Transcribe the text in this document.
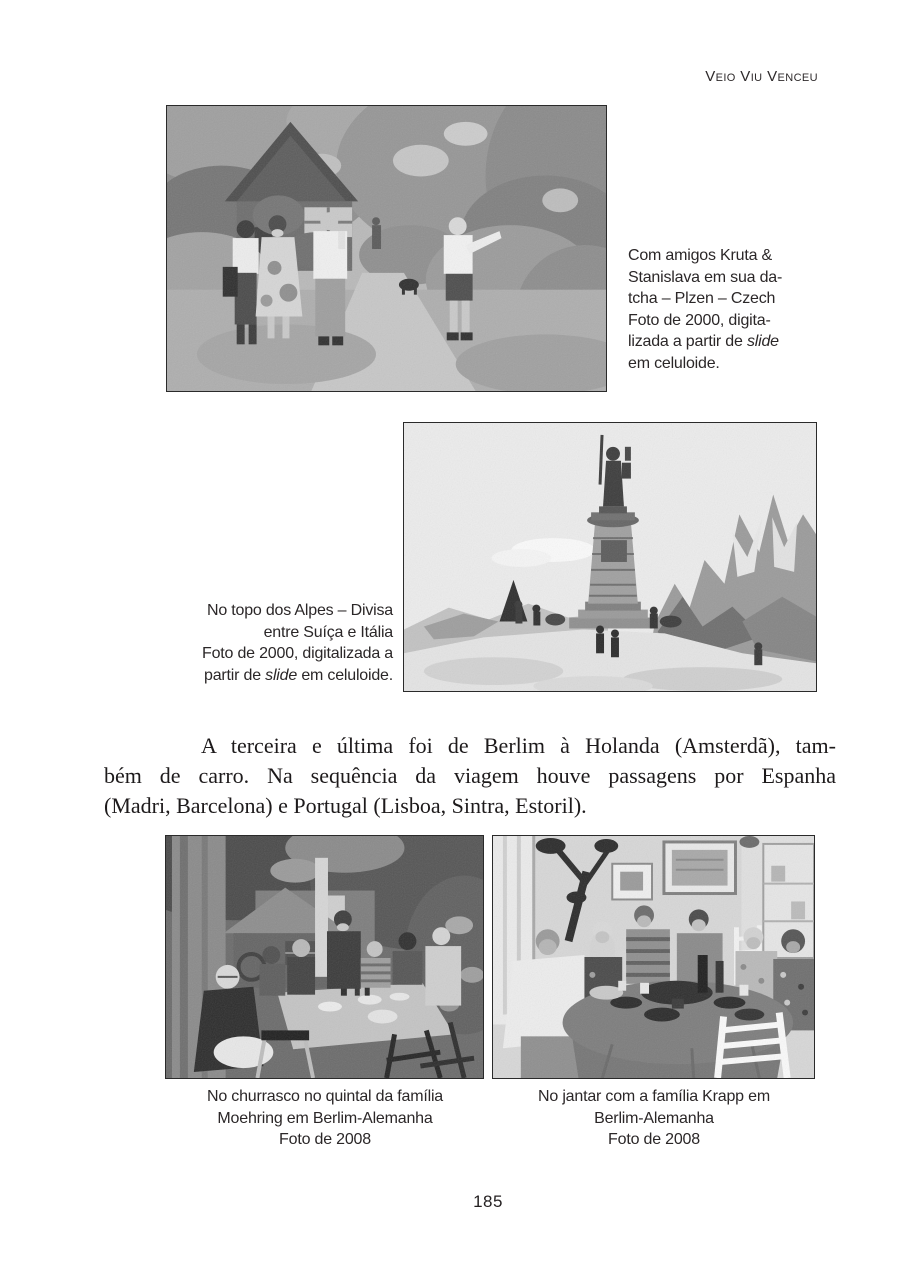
Veio Viu Venceu
Com amigos Kruta &
Stanislava em sua da-
tcha – Plzen – Czech
Foto de 2000, digita-
lizada a partir de slide
em celuloide.
No topo dos Alpes – Divisa
entre Suíça e Itália
Foto de 2000, digitalizada a
partir de slide em celuloide.
A terceira e última foi de Berlim à Holanda (Amsterdã), tam-
bém de carro. Na sequência da viagem houve passagens por Espanha
(Madri, Barcelona) e Portugal (Lisboa, Sintra, Estoril).
No churrasco no quintal da família
Moehring em Berlim-Alemanha
Foto de 2008
No jantar com a família Krapp em
Berlim-Alemanha
Foto de 2008
185
